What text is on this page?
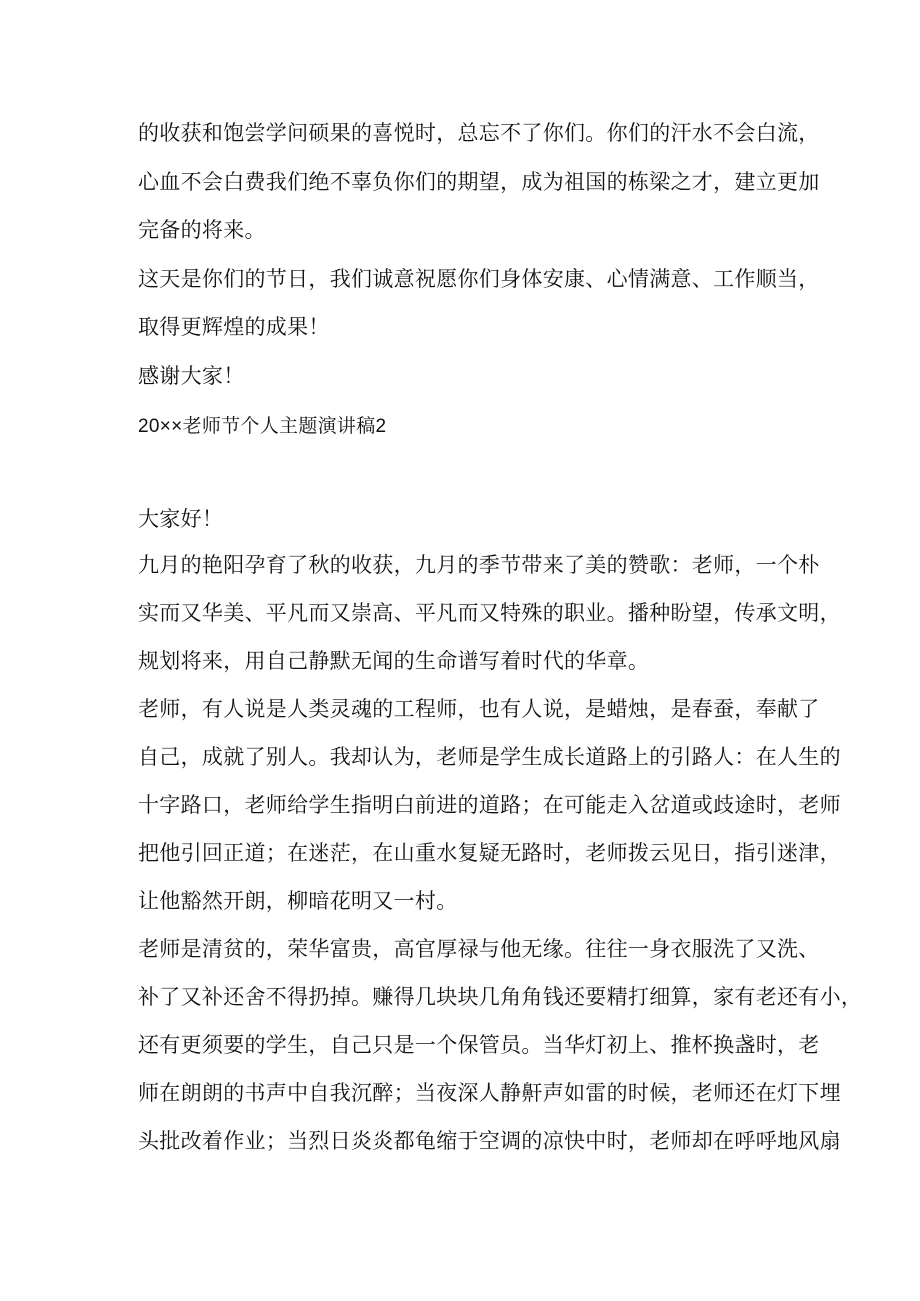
的收获和饱尝学问硕果的喜悦时，总忘不了你们。你们的汗水不会白流，
心血不会白费我们绝不辜负你们的期望，成为祖国的栋梁之才，建立更加
完备的将来。
这天是你们的节日，我们诚意祝愿你们身体安康、心情满意、工作顺当，
取得更辉煌的成果！
感谢大家！
20××老师节个人主题演讲稿2
大家好！
九月的艳阳孕育了秋的收获，九月的季节带来了美的赞歌：老师，一个朴
实而又华美、平凡而又崇高、平凡而又特殊的职业。播种盼望，传承文明，
规划将来，用自己静默无闻的生命谱写着时代的华章。
老师，有人说是人类灵魂的工程师，也有人说，是蜡烛，是春蚕，奉献了
自己，成就了别人。我却认为，老师是学生成长道路上的引路人：在人生的
十字路口，老师给学生指明白前进的道路；在可能走入岔道或歧途时，老师
把他引回正道；在迷茫，在山重水复疑无路时，老师拨云见日，指引迷津，
让他豁然开朗，柳暗花明又一村。
老师是清贫的，荣华富贵，高官厚禄与他无缘。往往一身衣服洗了又洗、
补了又补还舍不得扔掉。赚得几块块几角角钱还要精打细算，家有老还有小，
还有更须要的学生，自己只是一个保管员。当华灯初上、推杯换盏时，老
师在朗朗的书声中自我沉醉；当夜深人静鼾声如雷的时候，老师还在灯下埋
头批改着作业；当烈日炎炎都龟缩于空调的凉快中时，老师却在呼呼地风扇
